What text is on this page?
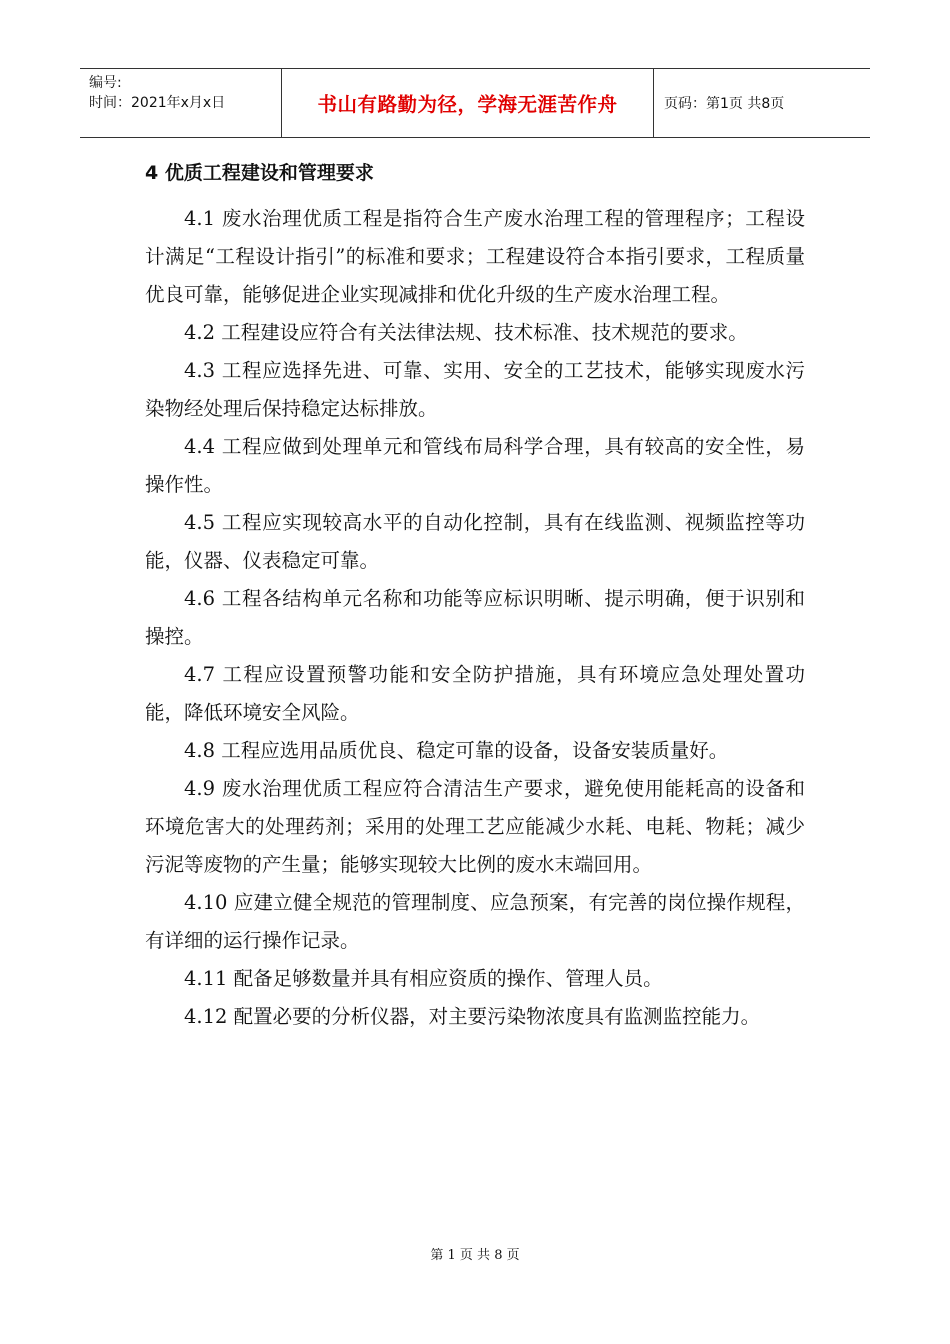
编号:
时间：2021年x月x日	书山有路勤为径，学海无涯苦作舟	页码：第1页 共8页
4 优质工程建设和管理要求

4.1 废水治理优质工程是指符合生产废水治理工程的管理程序；工程设计满足“工程设计指引”的标准和要求；工程建设符合本指引要求，工程质量优良可靠，能够促进企业实现减排和优化升级的生产废水治理工程。

4.2 工程建设应符合有关法律法规、技术标准、技术规范的要求。

4.3 工程应选择先进、可靠、实用、安全的工艺技术，能够实现废水污染物经处理后保持稳定达标排放。

4.4 工程应做到处理单元和管线布局科学合理，具有较高的安全性，易操作性。

4.5 工程应实现较高水平的自动化控制，具有在线监测、视频监控等功能，仪器、仪表稳定可靠。

4.6 工程各结构单元名称和功能等应标识明晰、提示明确，便于识别和操控。

4.7 工程应设置预警功能和安全防护措施，具有环境应急处理处置功能，降低环境安全风险。

4.8 工程应选用品质优良、稳定可靠的设备，设备安装质量好。

4.9 废水治理优质工程应符合清洁生产要求，避免使用能耗高的设备和环境危害大的处理药剂；采用的处理工艺应能减少水耗、电耗、物耗；减少污泥等废物的产生量；能够实现较大比例的废水末端回用。

4.10 应建立健全规范的管理制度、应急预案，有完善的岗位操作规程，有详细的运行操作记录。

4.11 配备足够数量并具有相应资质的操作、管理人员。

4.12 配置必要的分析仪器，对主要污染物浓度具有监测监控能力。

第 1 页 共 8 页
